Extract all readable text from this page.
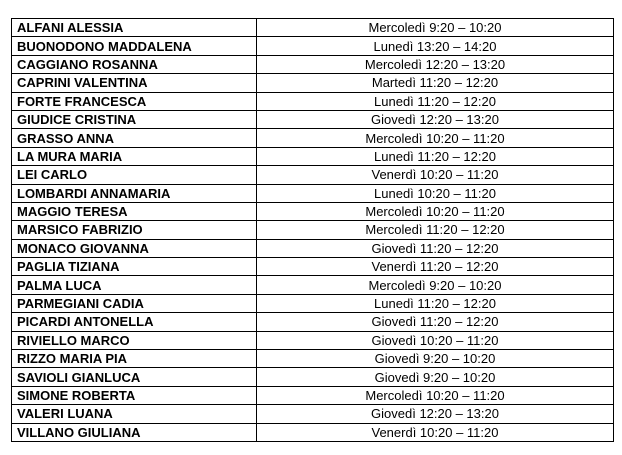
ALFANI ALESSIA	Mercoledì 9:20 – 10:20
BUONODONO MADDALENA	Lunedì 13:20 – 14:20
CAGGIANO ROSANNA	Mercoledì 12:20 – 13:20
CAPRINI VALENTINA	Martedì 11:20 – 12:20
FORTE FRANCESCA	Lunedì 11:20 – 12:20
GIUDICE CRISTINA	Giovedì 12:20 – 13:20
GRASSO ANNA	Mercoledì 10:20 – 11:20
LA MURA MARIA	Lunedì 11:20 – 12:20
LEI CARLO	Venerdì 10:20 – 11:20
LOMBARDI ANNAMARIA	Lunedì 10:20 – 11:20
MAGGIO TERESA	Mercoledì 10:20 – 11:20
MARSICO FABRIZIO	Mercoledì 11:20 – 12:20
MONACO GIOVANNA	Giovedì 11:20 – 12:20
PAGLIA TIZIANA	Venerdì 11:20 – 12:20
PALMA LUCA	Mercoledì 9:20 – 10:20
PARMEGIANI CADIA	Lunedì 11:20 – 12:20
PICARDI ANTONELLA	Giovedì 11:20 – 12:20
RIVIELLO MARCO	Giovedì 10:20 – 11:20
RIZZO MARIA PIA	Giovedì 9:20 – 10:20
SAVIOLI GIANLUCA	Giovedì 9:20 – 10:20
SIMONE ROBERTA	Mercoledì 10:20 – 11:20
VALERI LUANA	Giovedì 12:20 – 13:20
VILLANO GIULIANA	Venerdì 10:20 – 11:20
